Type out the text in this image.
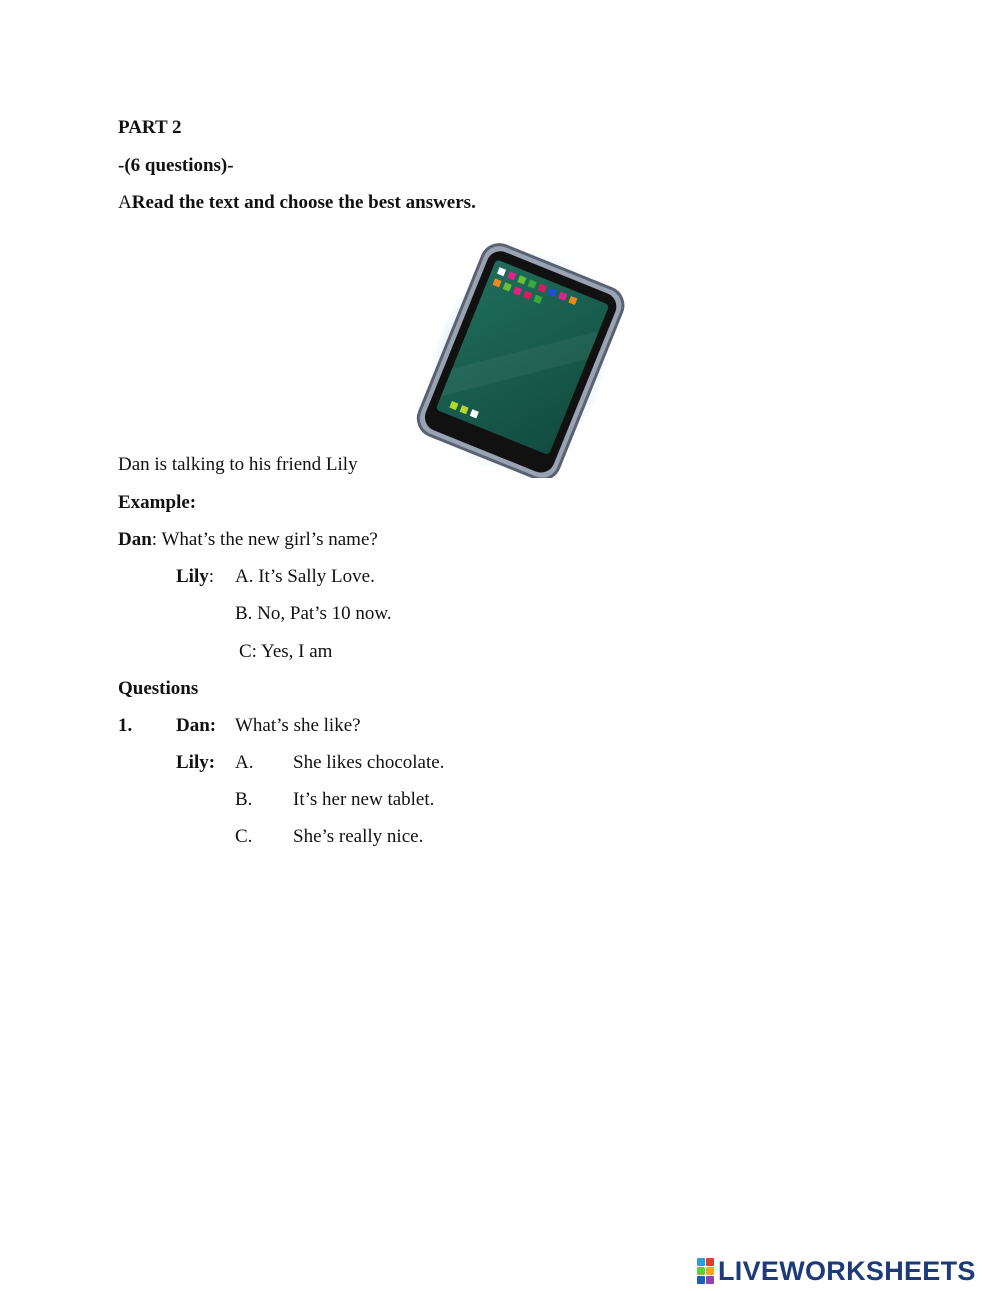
PART 2
-(6 questions)-
ARead the text and choose the best answers.
Dan is talking to his friend Lily
Example:
Dan: What’s the new girl’s name?
Lily: A. It’s Sally Love.
B. No, Pat’s 10 now.
C: Yes, I am
Questions
1. Dan: What’s she like?
Lily: A. She likes chocolate.
B. It’s her new tablet.
C. She’s really nice.
LIVEWORKSHEETS
